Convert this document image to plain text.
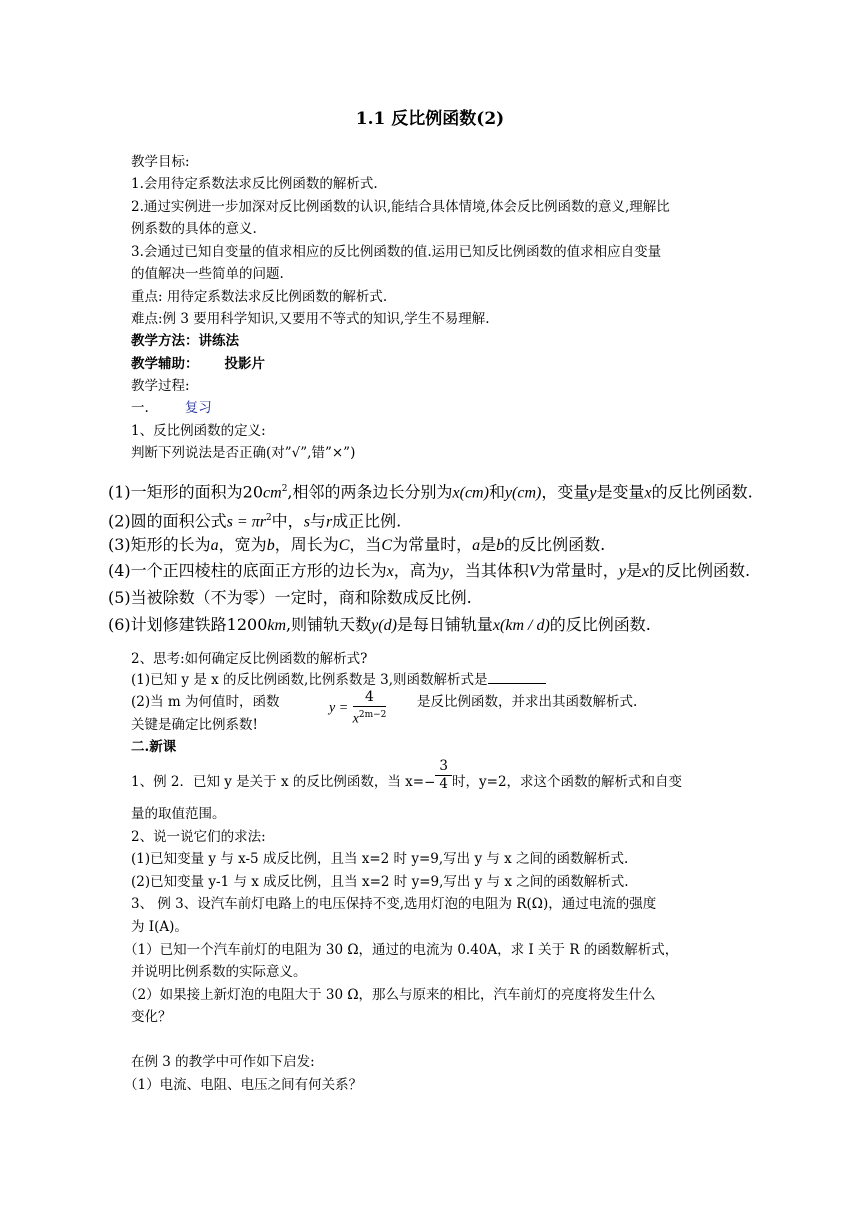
1.1 反比例函数(2)
教学目标:
1.会用待定系数法求反比例函数的解析式.
2.通过实例进一步加深对反比例函数的认识,能结合具体情境,体会反比例函数的意义,理解比
例系数的具体的意义.
3.会通过已知自变量的值求相应的反比例函数的值.运用已知反比例函数的值求相应自变量
的值解决一些简单的问题.
重点: 用待定系数法求反比例函数的解析式.
难点:例 3 要用科学知识,又要用不等式的知识,学生不易理解.
教学方法：讲练法
教学辅助： 投影片
教学过程:
一.	复习
1、反比例函数的定义:
判断下列说法是否正确(对”√”,错”×”)
(1)一矩形的面积为$20cm^2$,相邻的两条边长分别为x(cm)和y(cm)，变量y是变量x的反比例函数.
(2)圆的面积公式$s = \pi r^2$中，s与r成正比例.
(3)矩形的长为a，宽为b，周长为C，当C为常量时，a是b的反比例函数.
(4)一个正四棱柱的底面正方形的边长为x，高为y，当其体积V为常量时，y是x的反比例函数.
(5)当被除数（不为零）一定时，商和除数成反比例.
(6)计划修建铁路1200km,则铺轨天数y(d)是每日铺轨量x(km / d)的反比例函数.
2、思考:如何确定反比例函数的解析式?
(1)已知 y 是 x 的反比例函数,比例系数是 3,则函数解析式是
(2)当 m 为何值时，函数	$y = \frac{4}{x^{2m-2}}$ 是反比例函数，并求出其函数解析式.
关键是确定比例系数!
二.新课
1、例 2．已知 y 是关于 x 的反比例函数，当 $x=- \frac{3}{4}$ 时，y=2，求这个函数的解析式和自变
量的取值范围。
2、说一说它们的求法:
(1)已知变量 y 与 x-5 成反比例，且当 x=2 时 y=9,写出 y 与 x 之间的函数解析式.
(2)已知变量 y-1 与 x 成反比例，且当 x=2 时 y=9,写出 y 与 x 之间的函数解析式.
3、 例 3、设汽车前灯电路上的电压保持不变,选用灯泡的电阻为 R(Ω)，通过电流的强度
为 I(A)。
（1）已知一个汽车前灯的电阻为 30 Ω，通过的电流为 0.40A，求 I 关于 R 的函数解析式，
并说明比例系数的实际意义。
（2）如果接上新灯泡的电阻大于 30 Ω，那么与原来的相比，汽车前灯的亮度将发生什么
变化？
在例 3 的教学中可作如下启发:
（1）电流、电阻、电压之间有何关系？
